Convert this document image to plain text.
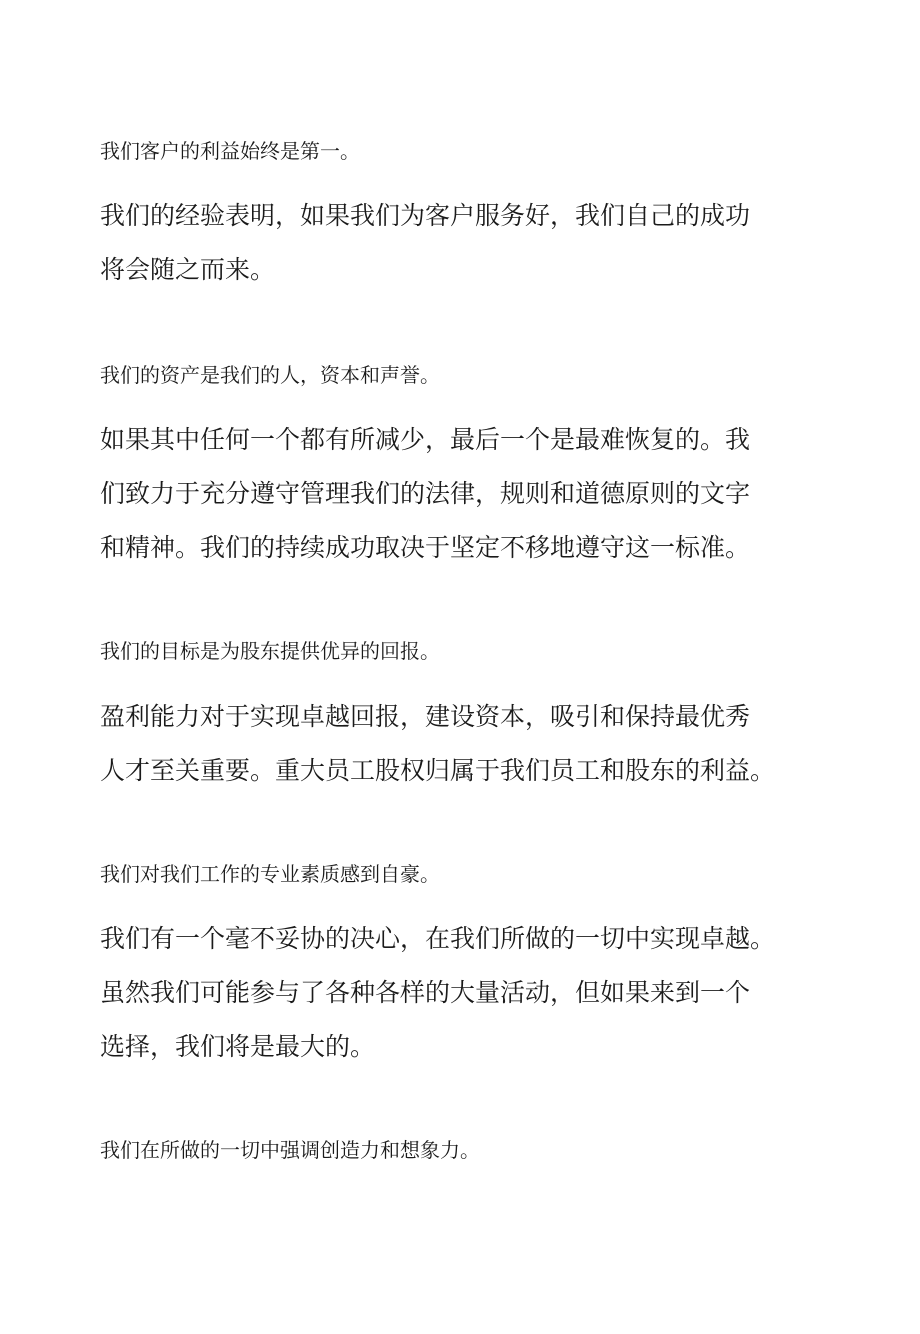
我们客户的利益始终是第一。
我们的经验表明，如果我们为客户服务好，我们自己的成功
将会随之而来。
我们的资产是我们的人，资本和声誉。
如果其中任何一个都有所减少，最后一个是最难恢复的。我
们致力于充分遵守管理我们的法律，规则和道德原则的文字
和精神。我们的持续成功取决于坚定不移地遵守这一标准。
我们的目标是为股东提供优异的回报。
盈利能力对于实现卓越回报，建设资本，吸引和保持最优秀
人才至关重要。重大员工股权归属于我们员工和股东的利益。
我们对我们工作的专业素质感到自豪。
我们有一个毫不妥协的决心，在我们所做的一切中实现卓越。
虽然我们可能参与了各种各样的大量活动，但如果来到一个
选择，我们将是最大的。
我们在所做的一切中强调创造力和想象力。
